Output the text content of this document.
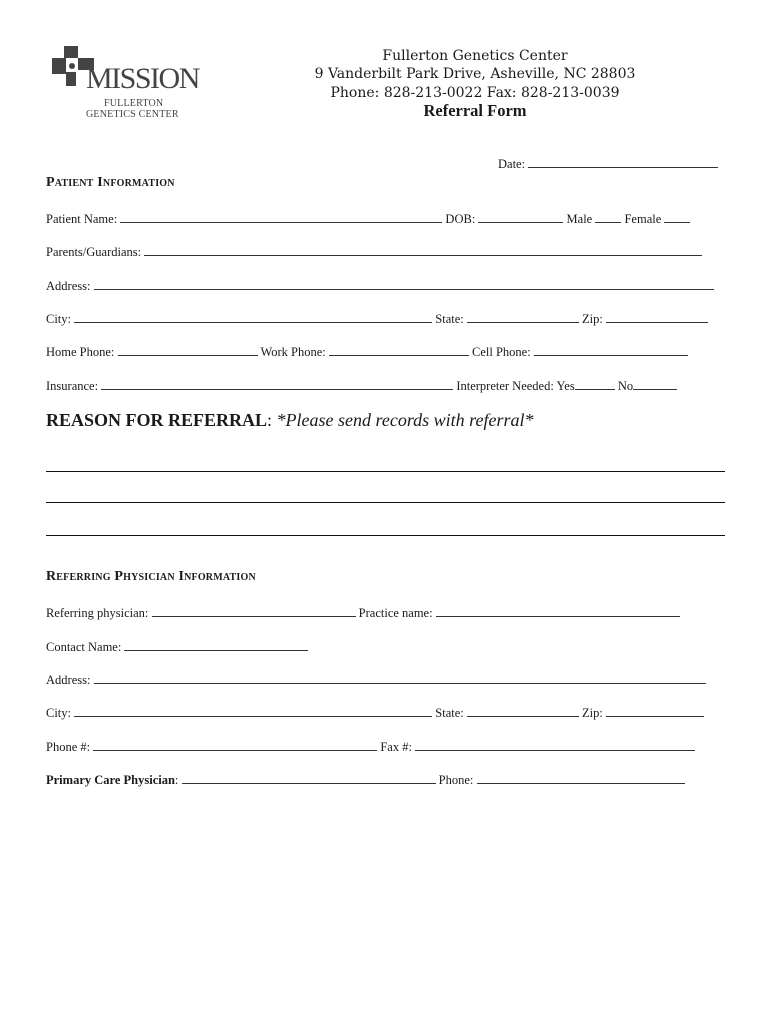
MISSION
FULLERTON
GENETICS CENTER
Fullerton Genetics Center
9 Vanderbilt Park Drive, Asheville, NC 28803
Phone: 828-213-0022 Fax: 828-213-0039
Referral Form
Date:
Patient Information
Patient Name:	DOB:	Male	Female
Parents/Guardians:
Address:
City:	State:	Zip:
Home Phone:	Work Phone:	Cell Phone:
Insurance:	Interpreter Needed: Yes	No
REASON FOR REFERRAL: *Please send records with referral*
Referring Physician Information
Referring physician:	Practice name:
Contact Name:
Address:
City:	State:	Zip:
Phone #:	Fax #:
Primary Care Physician:	Phone:
